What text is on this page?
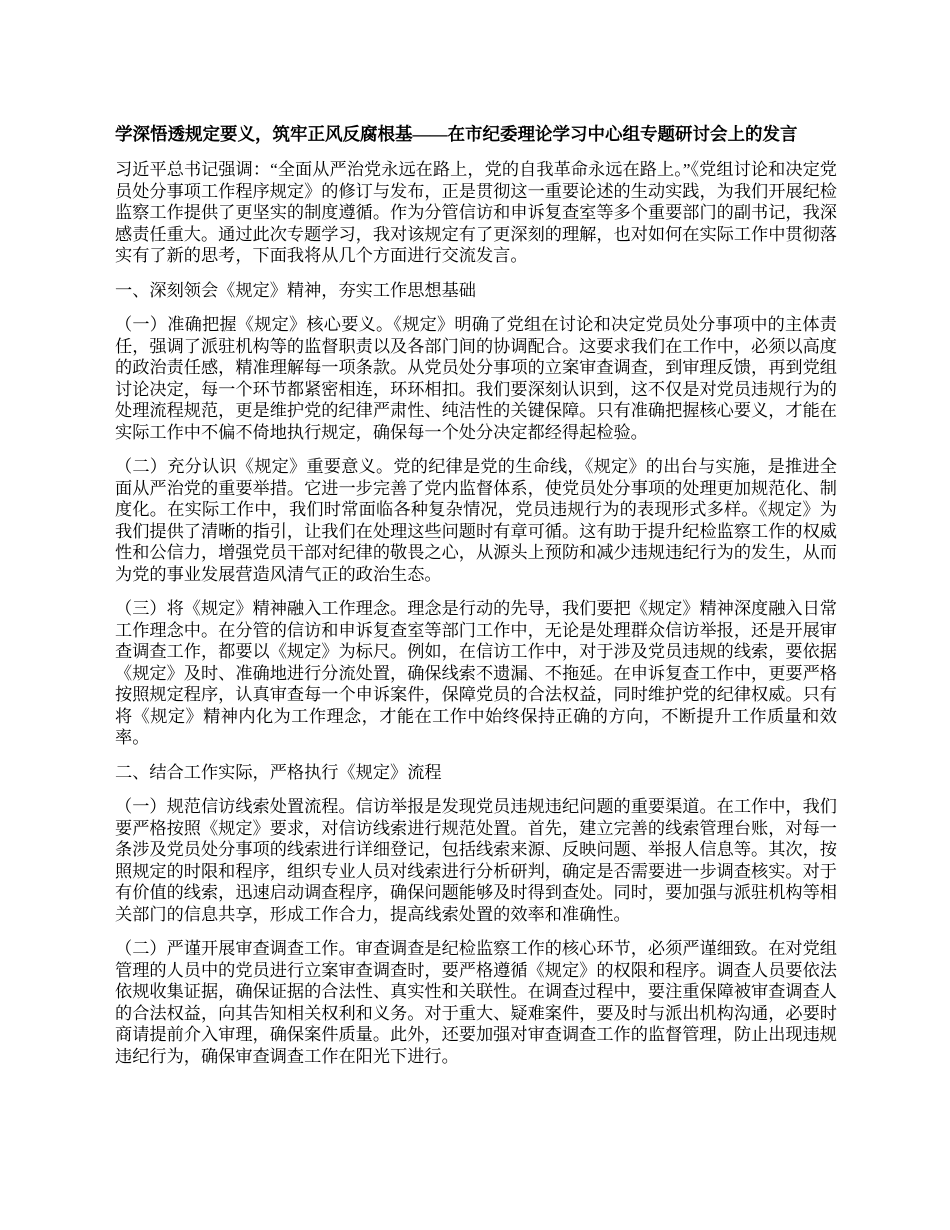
学深悟透规定要义，筑牢正风反腐根基——在市纪委理论学习中心组专题研讨会上的发言

习近平总书记强调：“全面从严治党永远在路上，党的自我革命永远在路上。”《党组讨论和决定党员处分事项工作程序规定》的修订与发布，正是贯彻这一重要论述的生动实践，为我们开展纪检监察工作提供了更坚实的制度遵循。作为分管信访和申诉复查室等多个重要部门的副书记，我深感责任重大。通过此次专题学习，我对该规定有了更深刻的理解，也对如何在实际工作中贯彻落实有了新的思考，下面我将从几个方面进行交流发言。

一、深刻领会《规定》精神，夯实工作思想基础

（一）准确把握《规定》核心要义。《规定》明确了党组在讨论和决定党员处分事项中的主体责任，强调了派驻机构等的监督职责以及各部门间的协调配合。这要求我们在工作中，必须以高度的政治责任感，精准理解每一项条款。从党员处分事项的立案审查调查，到审理反馈，再到党组讨论决定，每一个环节都紧密相连，环环相扣。我们要深刻认识到，这不仅是对党员违规行为的处理流程规范，更是维护党的纪律严肃性、纯洁性的关键保障。只有准确把握核心要义，才能在实际工作中不偏不倚地执行规定，确保每一个处分决定都经得起检验。

（二）充分认识《规定》重要意义。党的纪律是党的生命线，《规定》的出台与实施，是推进全面从严治党的重要举措。它进一步完善了党内监督体系，使党员处分事项的处理更加规范化、制度化。在实际工作中，我们时常面临各种复杂情况，党员违规行为的表现形式多样。《规定》为我们提供了清晰的指引，让我们在处理这些问题时有章可循。这有助于提升纪检监察工作的权威性和公信力，增强党员干部对纪律的敬畏之心，从源头上预防和减少违规违纪行为的发生，从而为党的事业发展营造风清气正的政治生态。

（三）将《规定》精神融入工作理念。理念是行动的先导，我们要把《规定》精神深度融入日常工作理念中。在分管的信访和申诉复查室等部门工作中，无论是处理群众信访举报，还是开展审查调查工作，都要以《规定》为标尺。例如，在信访工作中，对于涉及党员违规的线索，要依据《规定》及时、准确地进行分流处置，确保线索不遗漏、不拖延。在申诉复查工作中，更要严格按照规定程序，认真审查每一个申诉案件，保障党员的合法权益，同时维护党的纪律权威。只有将《规定》精神内化为工作理念，才能在工作中始终保持正确的方向，不断提升工作质量和效率。

二、结合工作实际，严格执行《规定》流程

（一）规范信访线索处置流程。信访举报是发现党员违规违纪问题的重要渠道。在工作中，我们要严格按照《规定》要求，对信访线索进行规范处置。首先，建立完善的线索管理台账，对每一条涉及党员处分事项的线索进行详细登记，包括线索来源、反映问题、举报人信息等。其次，按照规定的时限和程序，组织专业人员对线索进行分析研判，确定是否需要进一步调查核实。对于有价值的线索，迅速启动调查程序，确保问题能够及时得到查处。同时，要加强与派驻机构等相关部门的信息共享，形成工作合力，提高线索处置的效率和准确性。

（二）严谨开展审查调查工作。审查调查是纪检监察工作的核心环节，必须严谨细致。在对党组管理的人员中的党员进行立案审查调查时，要严格遵循《规定》的权限和程序。调查人员要依法依规收集证据，确保证据的合法性、真实性和关联性。在调查过程中，要注重保障被审查调查人的合法权益，向其告知相关权利和义务。对于重大、疑难案件，要及时与派出机构沟通，必要时商请提前介入审理，确保案件质量。此外，还要加强对审查调查工作的监督管理，防止出现违规违纪行为，确保审查调查工作在阳光下进行。
